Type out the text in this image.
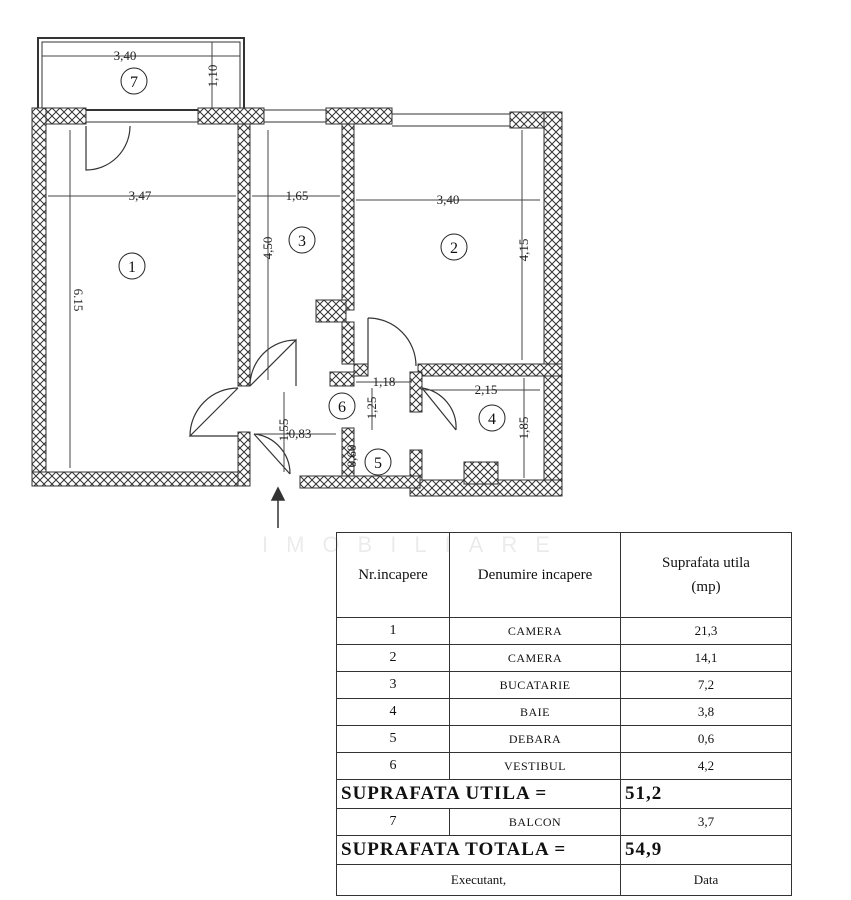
3,40
1,10
3,47
6.15
1,65
4,50
3,40
4,15
1,18
1,25
2,15
1,85
0,83
1,55
0,60
7
1
3	2
6
4
5
IMOBILIARE
Nr.incapere	Denumire incapere	Suprafata utila
(mp)

1	CAMERA	21,3
2	CAMERA	14,1
3	BUCATARIE	7,2
4	BAIE	3,8
5	DEBARA	0,6
6	VESTIBUL	4,2
SUPRAFATA UTILA =		51,2
7	BALCON	3,7
SUPRAFATA TOTALA =		54,9
Executant,		Data
